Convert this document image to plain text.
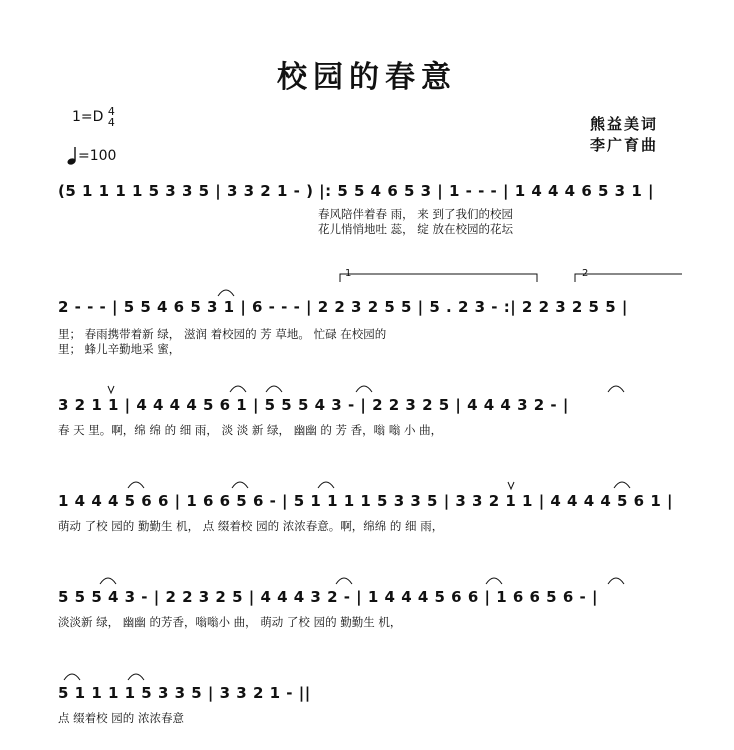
校园的春意
1=D 4
4
=100
熊益美词
李广育曲
(5 1 1 1 1 5 3 3 5 | 3 3 2 1 - ) |: 5 5 4 6 5 3 | 1 - - - | 1 4 4 4 6 5 3 1 |
春风陪伴着春 雨， 来 到了我们的校园
花儿悄悄地吐 蕊， 绽 放在校园的花坛
1	2
2 - - - | 5 5 4 6 5 3 1 | 6 - - - | 2 2 3 2 5 5 | 5 . 2 3 - :| 2 2 3 2 5 5 |
里； 春雨携带着新 绿， 滋润 着校园的 芳 草地。 忙碌 在校园的
里； 蜂儿辛勤地采 蜜，
3 2 1 1 | 4 4 4 4 5 6 1 | 5 5 5 4 3 - | 2 2 3 2 5 | 4 4 4 3 2 - |
春 天 里。啊，绵 绵 的 细 雨， 淡 淡 新 绿， 幽幽 的 芳 香，嗡 嗡 小 曲，
1 4 4 4 5 6 6 | 1 6 6 5 6 - | 5 1 1 1 1 5 3 3 5 | 3 3 2 1 1 | 4 4 4 4 5 6 1 |
萌动 了校 园的 勤勤生 机， 点 缀着校 园的 浓浓春意。啊，绵绵 的 细 雨，
5 5 5 4 3 - | 2 2 3 2 5 | 4 4 4 3 2 - | 1 4 4 4 5 6 6 | 1 6 6 5 6 - |
淡淡新 绿， 幽幽 的芳香，嗡嗡小 曲， 萌动 了校 园的 勤勤生 机，
5 1 1 1 1 5 3 3 5 | 3 3 2 1 - ||
点 缀着校 园的 浓浓春意
